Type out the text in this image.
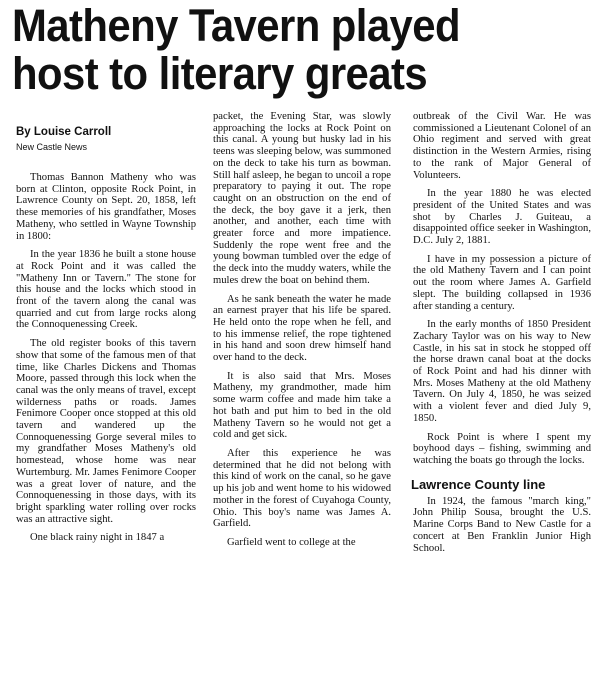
Matheny Tavern played
host to literary greats
By Louise Carroll
New Castle News

Thomas Bannon Matheny who was born at Clinton, opposite Rock Point, in Lawrence County on Sept. 20, 1858, left these memories of his grandfather, Moses Matheny, who settled in Wayne Township in 1800:

In the year 1836 he built a stone house at Rock Point and it was called the "Matheny Inn or Tavern." The stone for this house and the locks which stood in front of the tavern along the canal was quarried and cut from large rocks along the Connoquenessing Creek.

The old register books of this tavern show that some of the famous men of that time, like Charles Dickens and Thomas Moore, passed through this lock when the canal was the only means of travel, except wilderness paths or roads. James Fenimore Cooper once stopped at this old tavern and wandered up the Connoquenessing Gorge several miles to my grandfather Moses Matheny's old homestead, whose home was near Wurtemburg. Mr. James Fenimore Cooper was a great lover of nature, and the Connoquenessing in those days, with its bright sparkling water rolling over rocks was an attractive sight.

One black rainy night in 1847 a

packet, the Evening Star, was slowly approaching the locks at Rock Point on this canal. A young but husky lad in his teens was sleeping below, was summoned on the deck to take his turn as bowman. Still half asleep, he began to uncoil a rope preparatory to paying it out. The rope caught on an obstruction on the end of the deck, the boy gave it a jerk, then another, and another, each time with greater force and more impatience. Suddenly the rope went free and the young bowman tumbled over the edge of the deck into the muddy waters, while the mules drew the boat on behind them.

As he sank beneath the water he made an earnest prayer that his life be spared. He held onto the rope when he fell, and to his immense relief, the rope tightened in his hand and soon drew himself hand over hand to the deck.

It is also said that Mrs. Moses Matheny, my grandmother, made him some warm coffee and made him take a hot bath and put him to bed in the old Matheny Tavern so he would not get a cold and get sick.

After this experience he was determined that he did not belong with this kind of work on the canal, so he gave up his job and went home to his widowed mother in the forest of Cuyahoga County, Ohio. This boy's name was James A. Garfield.

Garfield went to college at the

outbreak of the Civil War. He was commissioned a Lieutenant Colonel of an Ohio regiment and served with great distinction in the Western Armies, rising to the rank of Major General of Volunteers.

In the year 1880 he was elected president of the United States and was shot by Charles J. Guiteau, a disappointed office seeker in Washington, D.C. July 2, 1881.

I have in my possession a picture of the old Matheny Tavern and I can point out the room where James A. Garfield slept. The building collapsed in 1936 after standing a century.

In the early months of 1850 President Zachary Taylor was on his way to New Castle, in his sat in stock he stopped off the horse drawn canal boat at the docks of Rock Point and had his dinner with Mrs. Moses Matheny at the old Matheny Tavern. On July 4, 1850, he was seized with a violent fever and died July 9, 1850.

Rock Point is where I spent my boyhood days – fishing, swimming and watching the boats go through the locks.

Lawrence County line

In 1924, the famous "march king," John Philip Sousa, brought the U.S. Marine Corps Band to New Castle for a concert at Ben Franklin Junior High School.
